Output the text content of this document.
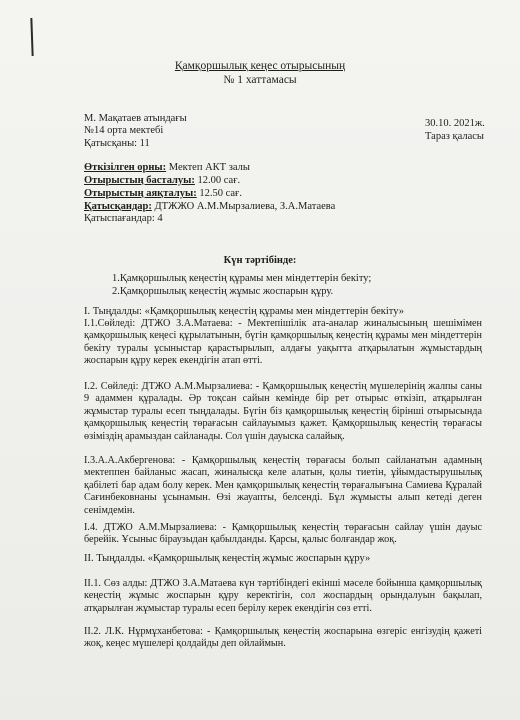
Қамқоршылық кеңес отырысының
№ 1 хаттамасы
М. Мақатаев атындағы
№14 орта мектебі
Қатысқаны: 11
30.10. 2021ж.
Тараз қаласы
Өткізілген орны: Мектеп АКТ залы
Отырыстың басталуы: 12.00 сағ.
Отырыстың аяқталуы: 12.50 сағ.
Қатысқандар: ДТЖЖО А.М.Мырзалиева, З.А.Матаева
Қатыспағандар: 4
Күн тәртібінде:
1.Қамқоршылық кеңестің құрамы мен міндеттерін бекіту;
2.Қамқоршылық кеңестің жұмыс жоспарын құру.
I. Тыңдалды: «Қамқоршылық кеңестің құрамы мен міндеттерін бекіту»

І.1.Сөйледі: ДТЖО З.А.Матаева: - Мектепішілік ата-аналар жиналысының шешімімен қамқоршылық кеңесі құрылатынын, бүгін қамқоршылық кеңестің құрамы мен міндеттерін бекіту туралы ұсыныстар қарастырылып, алдағы уақытта атқарылатын жұмыстардың жоспарын құру керек екендігін атап өтті.

І.2. Сөйледі: ДТЖО А.М.Мырзалиева: - Қамқоршылық кеңестің мүшелерінің жалпы саны 9 адаммен құралады. Әр тоқсан сайын кемінде бір рет отырыс өткізіп, атқарылған жұмыстар туралы есеп тыңдалады. Бүгін біз қамқоршылық кеңестің бірінші отырысында қамқоршылық кеңестің төрағасын сайлауымыз қажет. Қамқоршылық кеңестің төрағасы өзіміздің арамыздан сайланады. Сол үшін дауыска салайық.

І.3.А.А.Акбергенова: - Қамқоршылық кеңестің төрағасы болып сайланатын адамның мектеппен байланыс жасап, жиналысқа келе алатын, қолы тиетін, ұйымдастырушылық қабілеті бар адам болу керек. Мен қамқоршылық кеңестің төрағалығына Самиева Құралай Сағинбековнаны ұсынамын. Өзі жауапты, белсенді. Бұл жұмысты алып кетеді деген сенімдемін.

І.4. ДТЖО А.М.Мырзалиева: - Қамқоршылық кеңестің төрағасын сайлау үшін дауыс берейік. Ұсыныс біраузыдан қабылданды. Қарсы, қалыс болғандар жоқ.

II. Тыңдалды. «Қамқоршылық кеңестің жұмыс жоспарын құру»

ІІ.1. Сөз алды: ДТЖО З.А.Матаева күн тәртібіндегі екінші мәселе бойынша қамқоршылық кеңестің жұмыс жоспарын құру керектігін, сол жоспардың орындалуын бақылап, атқарылған жұмыстар туралы есеп берілу керек екендігін сөз етті.

ІІ.2. Л.К. Нұрмұханбетова: - Қамқоршылық кеңестің жоспарына өзгеріс енгізудің қажеті жоқ, кеңес мүшелері қолдайды деп ойлаймын.
